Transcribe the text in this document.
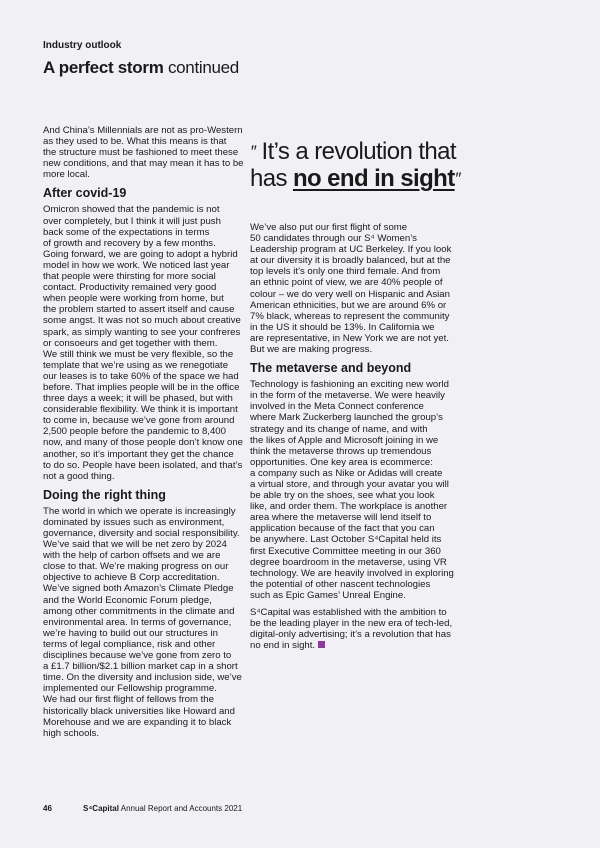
Industry outlook
A perfect storm continued
″ It’s a revolution that
has no end in sight″
And China’s Millennials are not as pro-Western
as they used to be. What this means is that
the structure must be fashioned to meet these
new conditions, and that may mean it has to be
more local.
After covid-19
Omicron showed that the pandemic is not
over completely, but I think it will just push
back some of the expectations in terms
of growth and recovery by a few months.
Going forward, we are going to adopt a hybrid
model in how we work. We noticed last year
that people were thirsting for more social
contact. Productivity remained very good
when people were working from home, but
the problem started to assert itself and cause
some angst. It was not so much about creative
spark, as simply wanting to see your confreres
or consoeurs and get together with them.
We still think we must be very flexible, so the
template that we’re using as we renegotiate
our leases is to take 60% of the space we had
before. That implies people will be in the office
three days a week; it will be phased, but with
considerable flexibility. We think it is important
to come in, because we’ve gone from around
2,500 people before the pandemic to 8,400
now, and many of those people don’t know one
another, so it’s important they get the chance
to do so. People have been isolated, and that’s
not a good thing.
Doing the right thing
The world in which we operate is increasingly
dominated by issues such as environment,
governance, diversity and social responsibility.
We’ve said that we will be net zero by 2024
with the help of carbon offsets and we are
close to that. We’re making progress on our
objective to achieve B Corp accreditation.
We’ve signed both Amazon’s Climate Pledge
and the World Economic Forum pledge,
among other commitments in the climate and
environmental area. In terms of governance,
we’re having to build out our structures in
terms of legal compliance, risk and other
disciplines because we’ve gone from zero to
a £1.7 billion/$2.1 billion market cap in a short
time. On the diversity and inclusion side, we’ve
implemented our Fellowship programme.
We had our first flight of fellows from the
historically black universities like Howard and
Morehouse and we are expanding it to black
high schools.
We’ve also put our first flight of some
50 candidates through our S⁴ Women’s
Leadership program at UC Berkeley. If you look
at our diversity it is broadly balanced, but at the
top levels it’s only one third female. And from
an ethnic point of view, we are 40% people of
colour – we do very well on Hispanic and Asian
American ethnicities, but we are around 6% or
7% black, whereas to represent the community
in the US it should be 13%. In California we
are representative, in New York we are not yet.
But we are making progress.
The metaverse and beyond
Technology is fashioning an exciting new world
in the form of the metaverse. We were heavily
involved in the Meta Connect conference
where Mark Zuckerberg launched the group’s
strategy and its change of name, and with
the likes of Apple and Microsoft joining in we
think the metaverse throws up tremendous
opportunities. One key area is ecommerce:
a company such as Nike or Adidas will create
a virtual store, and through your avatar you will
be able try on the shoes, see what you look
like, and order them. The workplace is another
area where the metaverse will lend itself to
application because of the fact that you can
be anywhere. Last October S⁴Capital held its
first Executive Committee meeting in our 360
degree boardroom in the metaverse, using VR
technology. We are heavily involved in exploring
the potential of other nascent technologies
such as Epic Games’ Unreal Engine.
S⁴Capital was established with the ambition to
be the leading player in the new era of tech-led,
digital-only advertising; it’s a revolution that has
no end in sight.
46	S⁴Capital Annual Report and Accounts 2021
